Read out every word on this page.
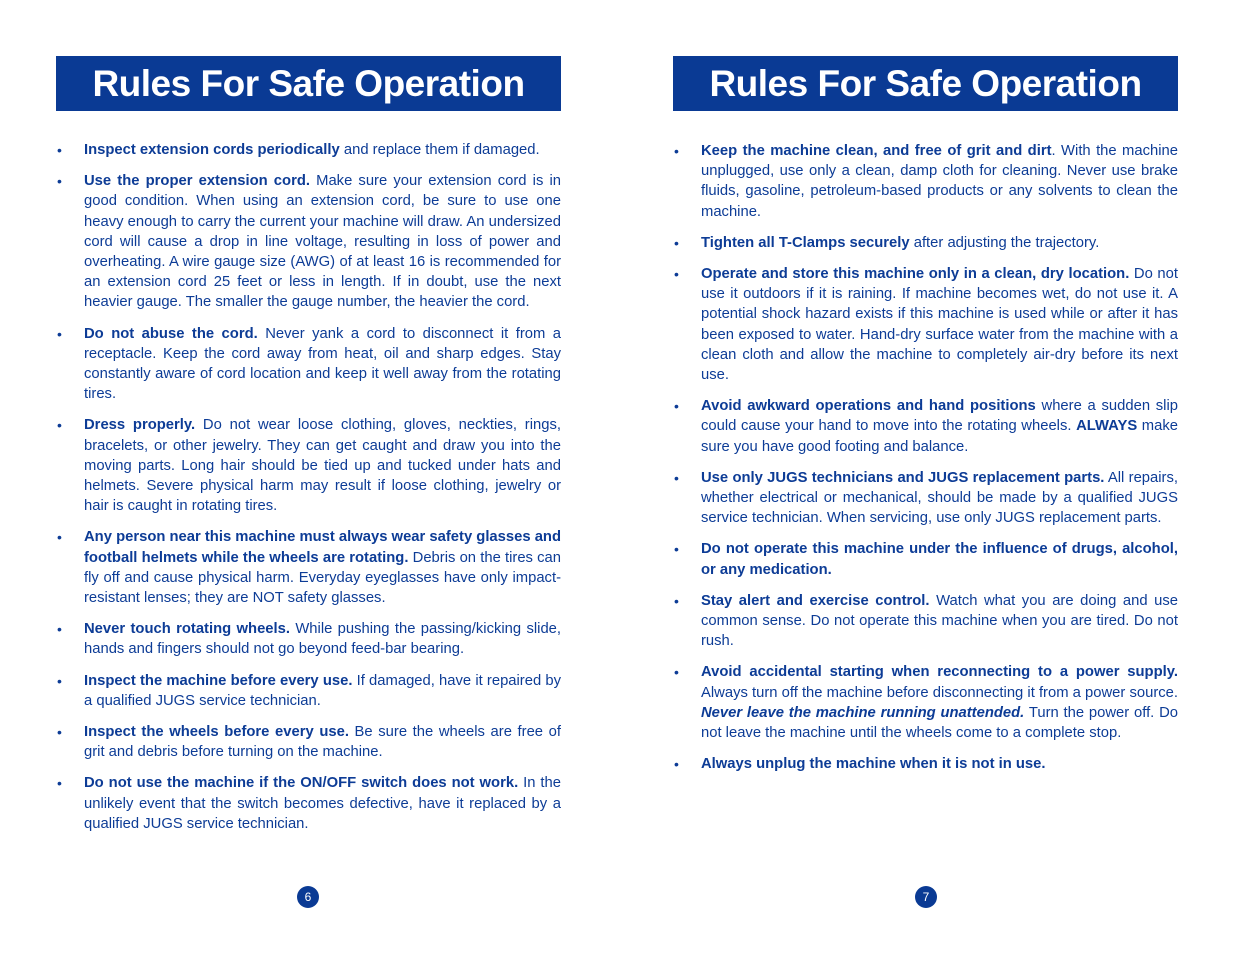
Rules For Safe Operation
• Inspect extension cords periodically and replace them if damaged.
• Use the proper extension cord. Make sure your extension cord is in good condition. When using an extension cord, be sure to use one heavy enough to carry the current your machine will draw. An undersized cord will cause a drop in line voltage, resulting in loss of power and overheating. A wire gauge size (AWG) of at least 16 is recommended for an extension cord 25 feet or less in length. If in doubt, use the next heavier gauge. The smaller the gauge number, the heavier the cord.
• Do not abuse the cord. Never yank a cord to disconnect it from a receptacle. Keep the cord away from heat, oil and sharp edges. Stay constantly aware of cord location and keep it well away from the rotating tires.
• Dress properly. Do not wear loose clothing, gloves, neckties, rings, bracelets, or other jewelry. They can get caught and draw you into the moving parts. Long hair should be tied up and tucked under hats and helmets. Severe physical harm may result if loose clothing, jewelry or hair is caught in rotating tires.
• Any person near this machine must always wear safety glasses and football helmets while the wheels are rotating. Debris on the tires can fly off and cause physical harm. Everyday eyeglasses have only impact-resistant lenses; they are NOT safety glasses.
• Never touch rotating wheels. While pushing the passing/kicking slide, hands and fingers should not go beyond feed-bar bearing.
• Inspect the machine before every use. If damaged, have it repaired by a qualified JUGS service technician.
• Inspect the wheels before every use. Be sure the wheels are free of grit and debris before turning on the machine.
• Do not use the machine if the ON/OFF switch does not work. In the unlikely event that the switch becomes defective, have it replaced by a qualified JUGS service technician.
6
Rules For Safe Operation
• Keep the machine clean, and free of grit and dirt. With the machine unplugged, use only a clean, damp cloth for cleaning. Never use brake fluids, gasoline, petroleum-based products or any solvents to clean the machine.
• Tighten all T-Clamps securely after adjusting the trajectory.
• Operate and store this machine only in a clean, dry location. Do not use it outdoors if it is raining. If machine becomes wet, do not use it. A potential shock hazard exists if this machine is used while or after it has been exposed to water. Hand-dry surface water from the machine with a clean cloth and allow the machine to completely air-dry before its next use.
• Avoid awkward operations and hand positions where a sudden slip could cause your hand to move into the rotating wheels. ALWAYS make sure you have good footing and balance.
• Use only JUGS technicians and JUGS replacement parts. All repairs, whether electrical or mechanical, should be made by a qualified JUGS service technician. When servicing, use only JUGS replacement parts.
• Do not operate this machine under the influence of drugs, alcohol, or any medication.
• Stay alert and exercise control. Watch what you are doing and use common sense. Do not operate this machine when you are tired. Do not rush.
• Avoid accidental starting when reconnecting to a power supply. Always turn off the machine before disconnecting it from a power source. Never leave the machine running unattended. Turn the power off. Do not leave the machine until the wheels come to a complete stop.
• Always unplug the machine when it is not in use.
7
